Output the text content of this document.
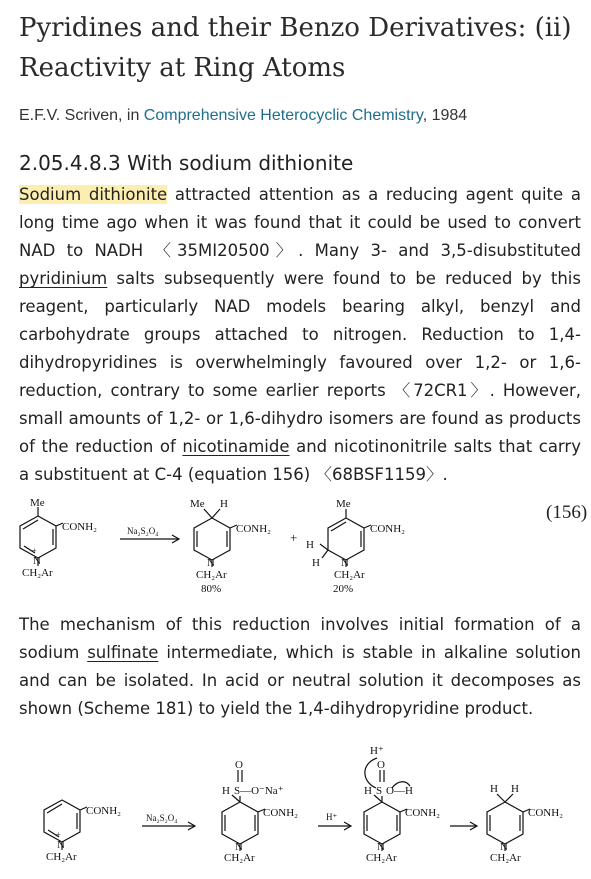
Pyridines and their Benzo Derivatives: (ii) Reactivity at Ring Atoms
E.F.V. Scriven, in Comprehensive Heterocyclic Chemistry, 1984
2.05.4.8.3 With sodium dithionite

Sodium dithionite attracted attention as a reducing agent quite a long time ago when it was found that it could be used to convert NAD to NADH 〈35MI20500〉. Many 3- and 3,5-disubstituted pyridinium salts subsequently were found to be reduced by this reagent, particularly NAD models bearing alkyl, benzyl and carbohydrate groups attached to nitrogen. Reduction to 1,4-dihydropyridines is overwhelmingly favoured over 1,2- or 1,6-reduction, contrary to some earlier reports 〈72CR1〉. However, small amounts of 1,2- or 1,6-dihydro isomers are found as products of the reduction of nicotinamide and nicotinonitrile salts that carry a substituent at C-4 (equation 156) 〈68BSF1159〉.

Me
CONH₂
N
+
CH₂Ar
Na₂S₂O₄
Me H
CONH₂
N
CH₂Ar
80%
+
Me
CONH₂
H
H N
CH₂Ar
20%
(156)

The mechanism of this reduction involves initial formation of a sodium sulfinate intermediate, which is stable in alkaline solution and can be isolated. In acid or neutral solution it decomposes as shown (Scheme 181) to yield the 1,4-dihydropyridine product.

CONH₂
N
+
CH₂Ar
Na₂S₂O₄
O
S—O⁻Na⁺
H
CONH₂
N
CH₂Ar
H⁺
H⁺
O
H S O—H
CONH₂
N
CH₂Ar
H H
CONH₂
N
CH₂Ar
